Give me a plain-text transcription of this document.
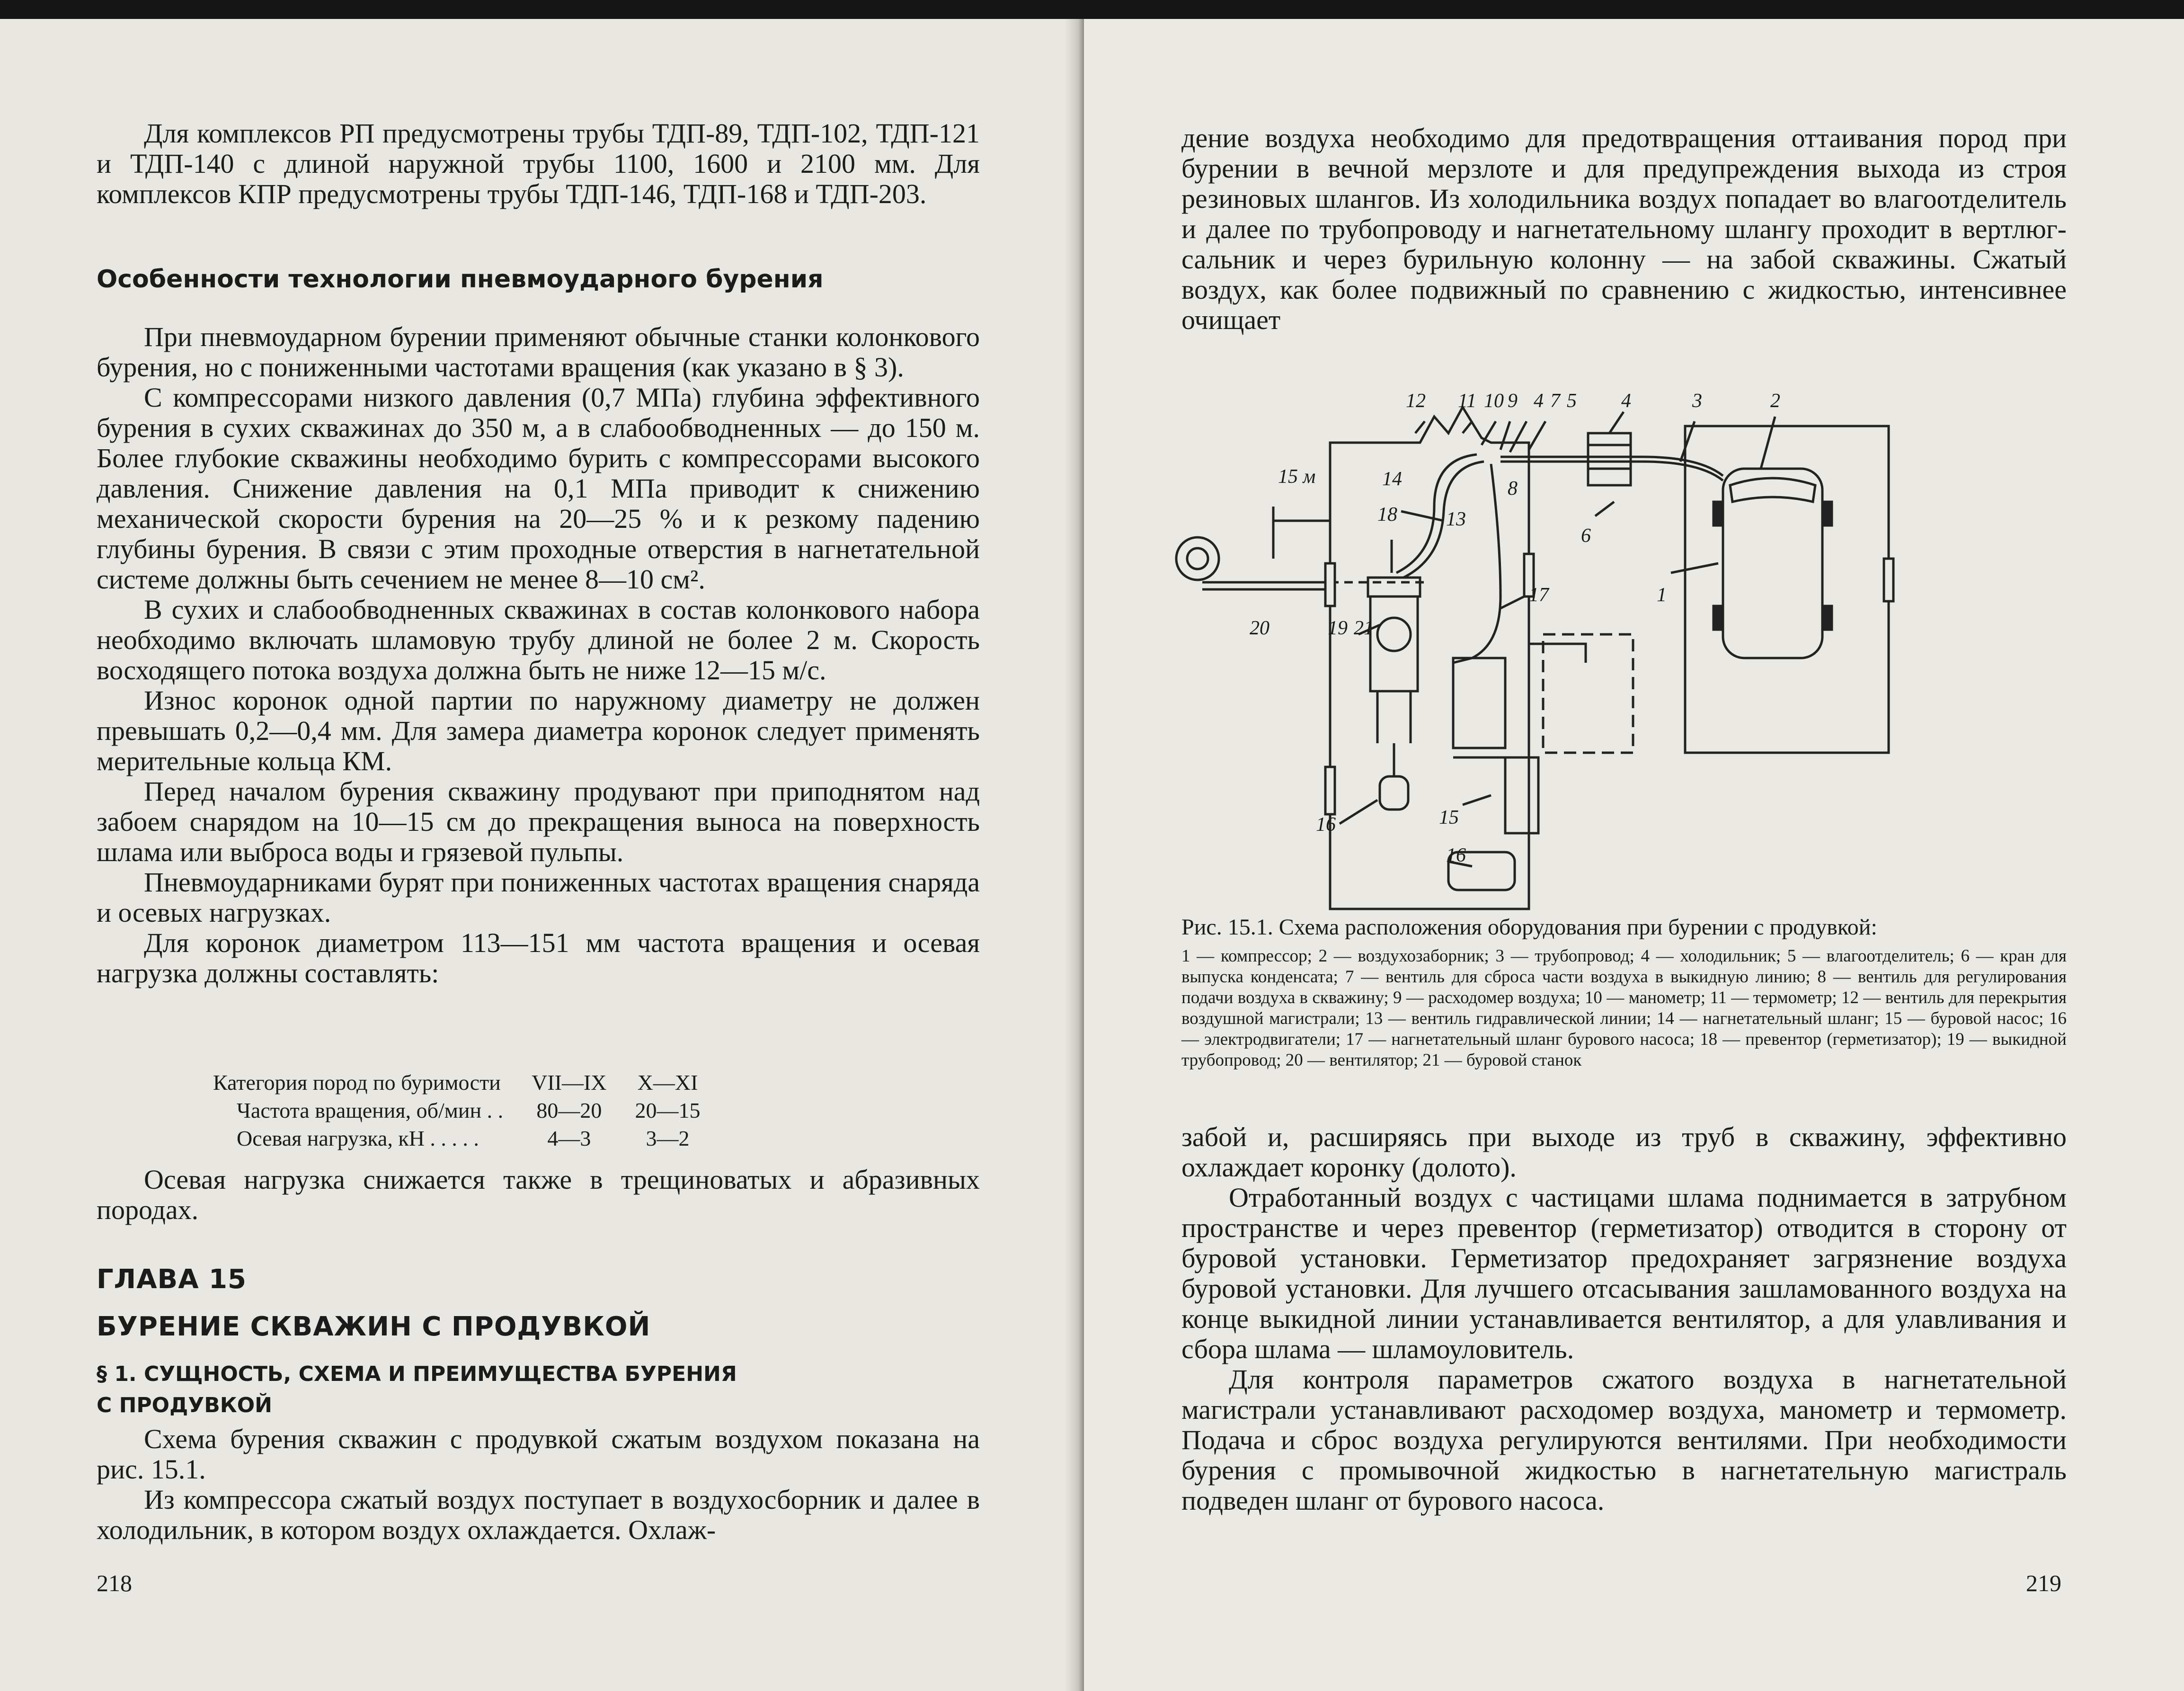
Для комплексов РП предусмотрены трубы ТДП-89, ТДП-102, ТДП-121 и ТДП-140 с длиной наружной трубы 1100, 1600 и 2100 мм. Для комплексов КПР предусмотрены трубы ТДП-146, ТДП-168 и ТДП-203.

Особенности технологии пневмоударного бурения

При пневмоударном бурении применяют обычные станки колонкового бурения, но с пониженными частотами вращения (как указано в § 3).

С компрессорами низкого давления (0,7 МПа) глубина эффективного бурения в сухих скважинах до 350 м, а в слабообводненных — до 150 м. Более глубокие скважины необходимо бурить с компрессорами высокого давления. Снижение давления на 0,1 МПа приводит к снижению механической скорости бурения на 20—25 % и к резкому падению глубины бурения. В связи с этим проходные отверстия в нагнетательной системе должны быть сечением не менее 8—10 см².

В сухих и слабообводненных скважинах в состав колонкового набора необходимо включать шламовую трубу длиной не более 2 м. Скорость восходящего потока воздуха должна быть не ниже 12—15 м/с.

Износ коронок одной партии по наружному диаметру не должен превышать 0,2—0,4 мм. Для замера диаметра коронок следует применять мерительные кольца КМ.

Перед началом бурения скважину продувают при приподнятом над забоем снарядом на 10—15 см до прекращения выноса на поверхность шлама или выброса воды и грязевой пульпы.

Пневмоударниками бурят при пониженных частотах вращения снаряда и осевых нагрузках.

Для коронок диаметром 113—151 мм частота вращения и осевая нагрузка должны составлять:

Категория пород по буримости	VII—IX	X—XI
Частота вращения, об/мин . .	80—20	20—15
Осевая нагрузка, кН . . . . .	4—3	3—2

Осевая нагрузка снижается также в трещиноватых и абразивных породах.

ГЛАВА 15
БУРЕНИЕ СКВАЖИН С ПРОДУВКОЙ
§ 1. СУЩНОСТЬ, СХЕМА И ПРЕИМУЩЕСТВА БУРЕНИЯ
С ПРОДУВКОЙ

Схема бурения скважин с продувкой сжатым воздухом показана на рис. 15.1.

Из компрессора сжатый воздух поступает в воздухосборник и далее в холодильник, в котором воздух охлаждается. Охлаж-

218

дение воздуха необходимо для предотвращения оттаивания пород при бурении в вечной мерзлоте и для предупреждения выхода из строя резиновых шлангов. Из холодильника воздух попадает во влагоотделитель и далее по трубопроводу и нагнетательному шлангу проходит в вертлюг-сальник и через бурильную колонну — на забой скважины. Сжатый воздух, как более подвижный по сравнению с жидкостью, интенсивнее очищает

12 11 10 9 4 7 5 4	3	2
15 м	14
18 13
8
6
1
17
20	19 21
16	15
16
Рис. 15.1. Схема расположения оборудования при бурении с продувкой:
1 — компрессор; 2 — воздухозаборник; 3 — трубопровод; 4 — холодильник; 5 — влагоотделитель; 6 — кран для выпуска конденсата; 7 — вентиль для сброса части воздуха в выкидную линию; 8 — вентиль для регулирования подачи воздуха в скважину; 9 — расходомер воздуха; 10 — манометр; 11 — термометр; 12 — вентиль для перекрытия воздушной магистрали; 13 — вентиль гидравлической линии; 14 — нагнетательный шланг; 15 — буровой насос; 16 — электродвигатели; 17 — нагнетательный шланг бурового насоса; 18 — превентор (герметизатор); 19 — выкидной трубопровод; 20 — вентилятор; 21 — буровой станок

забой и, расширяясь при выходе из труб в скважину, эффективно охлаждает коронку (долото).

Отработанный воздух с частицами шлама поднимается в затрубном пространстве и через превентор (герметизатор) отводится в сторону от буровой установки. Герметизатор предохраняет загрязнение воздуха буровой установки. Для лучшего отсасывания зашламованного воздуха на конце выкидной линии устанавливается вентилятор, а для улавливания и сбора шлама — шламоуловитель.

Для контроля параметров сжатого воздуха в нагнетательной магистрали устанавливают расходомер воздуха, манометр и термометр. Подача и сброс воздуха регулируются вентилями. При необходимости бурения с промывочной жидкостью в нагнетательную магистраль подведен шланг от бурового насоса.

219
